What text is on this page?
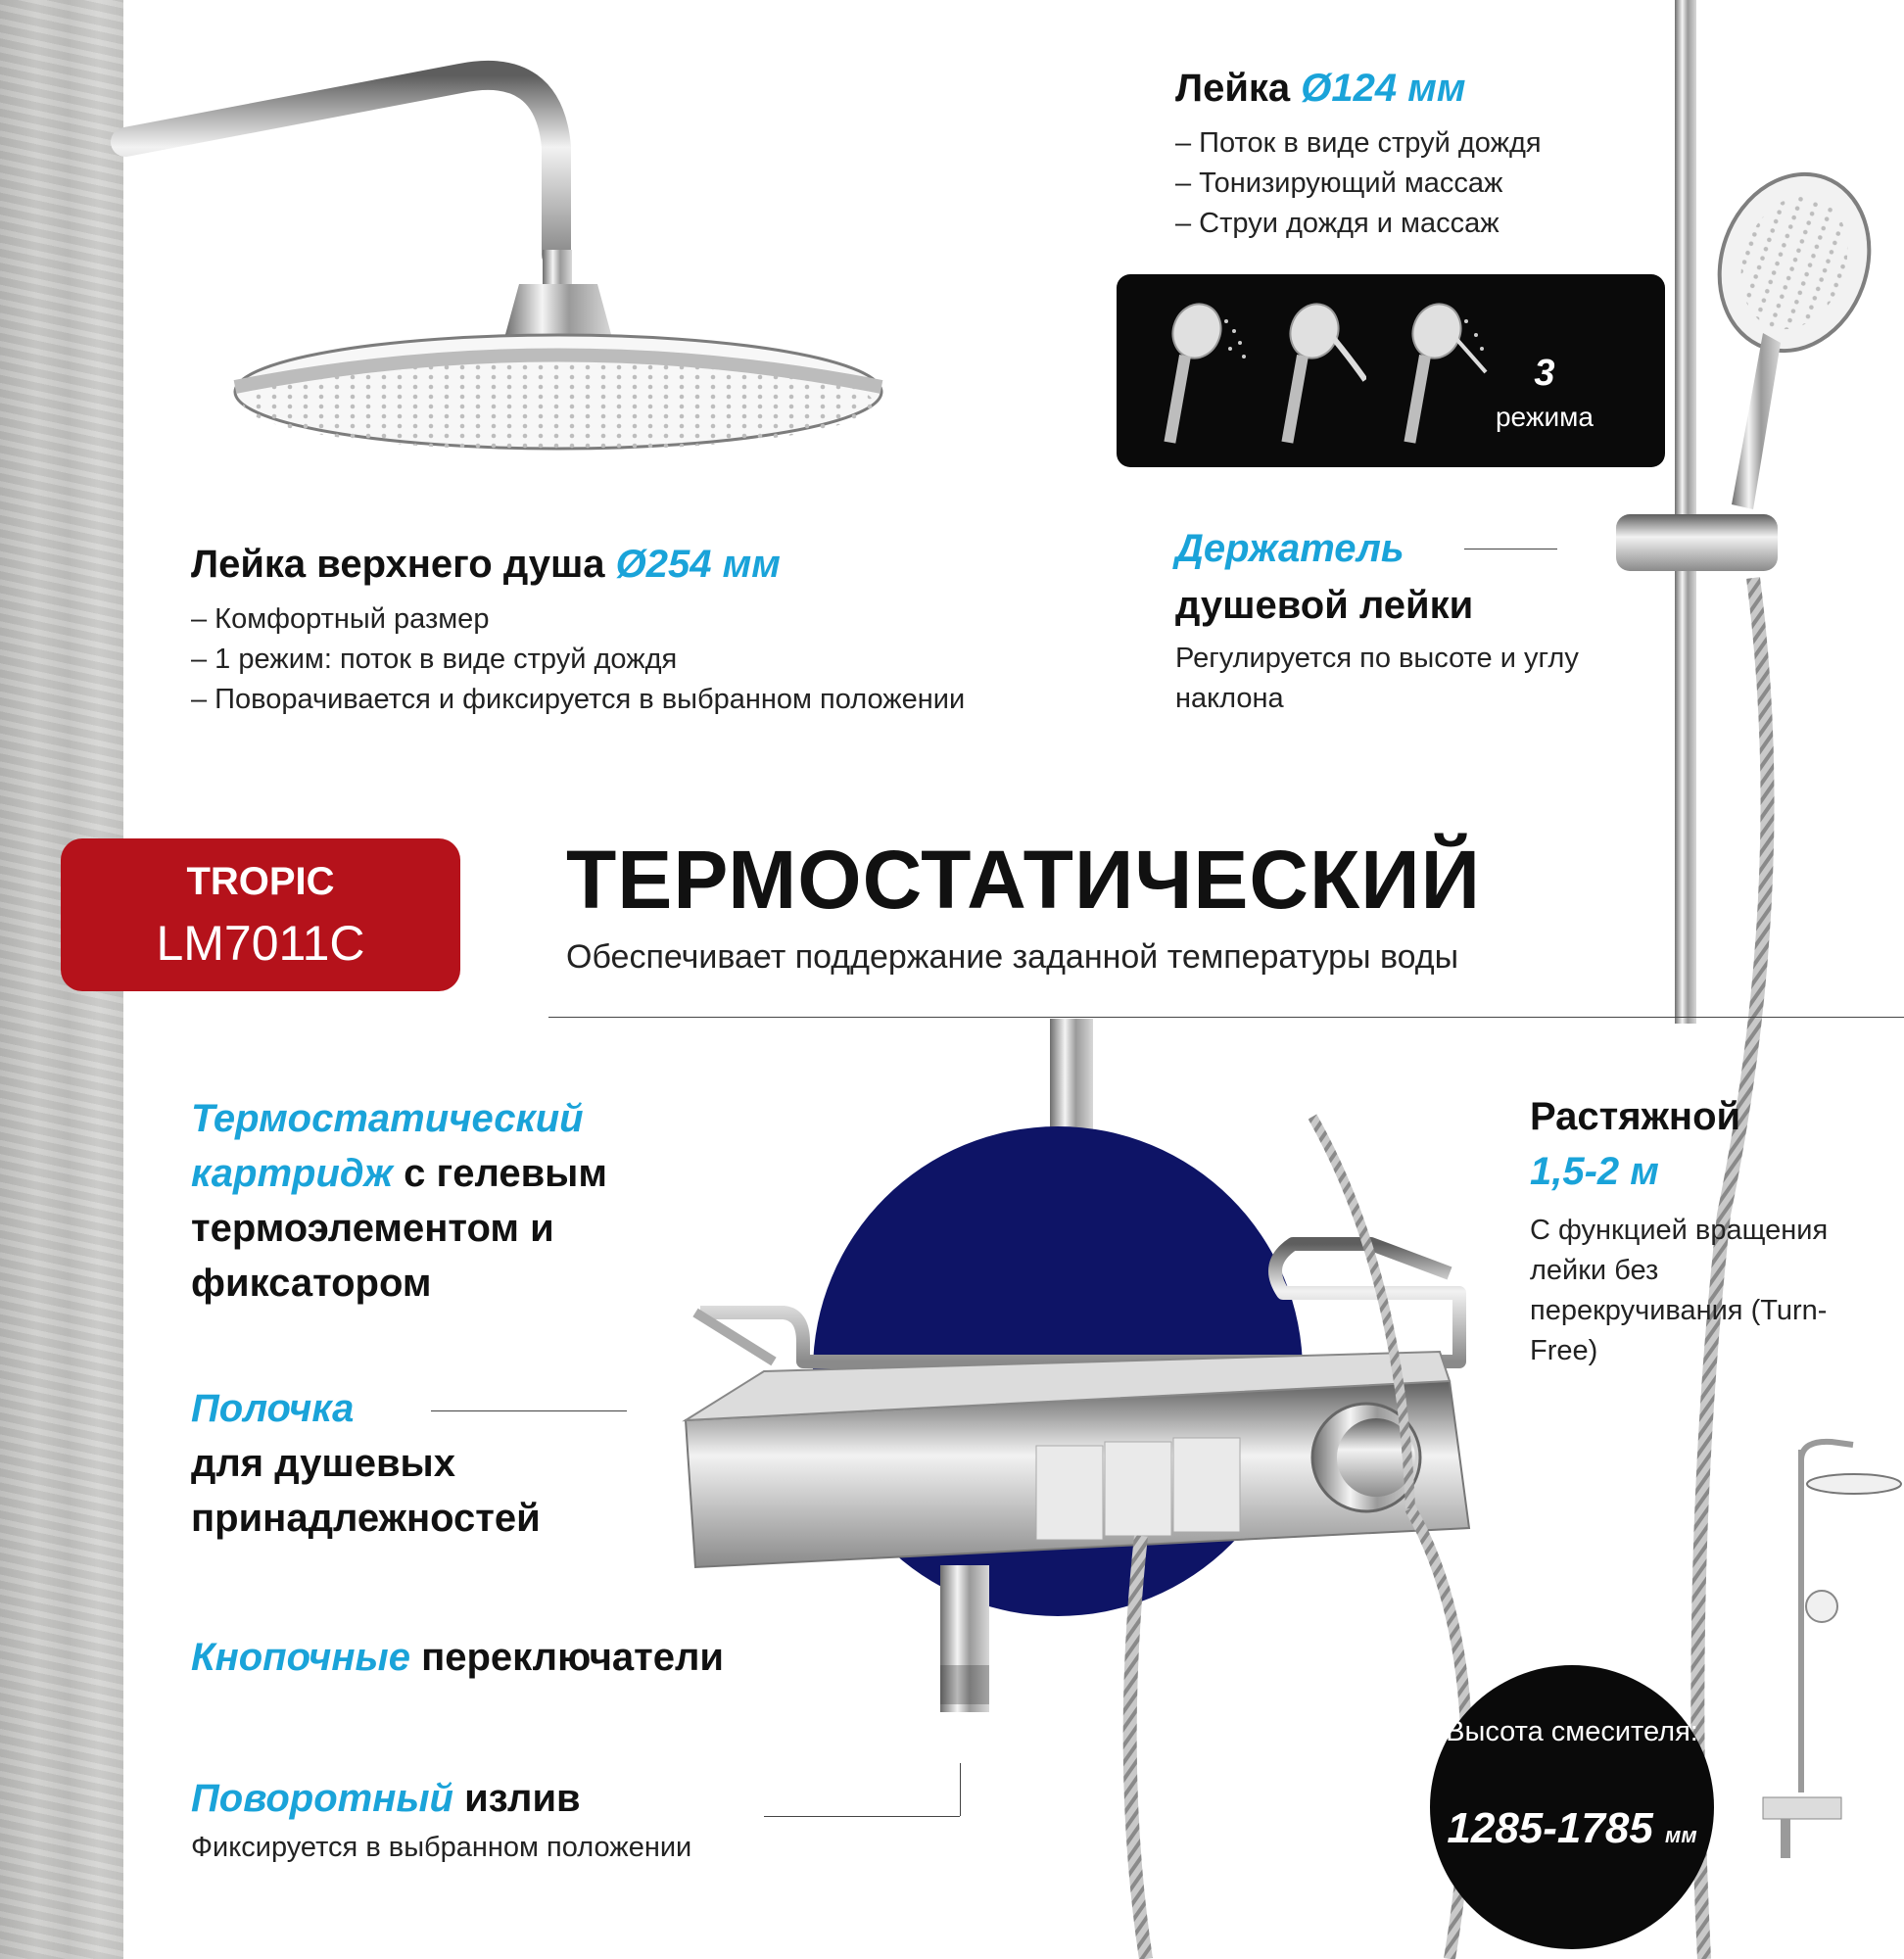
Лейка верхнего душа Ø254 мм
– Комфортный размер
– 1 режим: поток в виде струй дождя
– Поворачивается и фиксируется в выбранном положении
Лейка Ø124 мм
– Поток в виде струй дождя
– Тонизирующий массаж
– Струи дождя и массаж
3
режима
Держатель
душевой лейки
Регулируется по высоте и углу наклона
TROPIC
LM7011C
ТЕРМОСТАТИЧЕСКИЙ
Обеспечивает поддержание заданной температуры воды
Термостатический картридж с гелевым термоэлементом и фиксатором
Полочка
для душевых принадлежностей
Кнопочные переключатели
Поворотный излив
Фиксируется в выбранном положении
Растяжной
1,5-2 м
С функцией вращения лейки без перекручивания (Turn-Free)
Высота смесителя:
1285-1785 мм
